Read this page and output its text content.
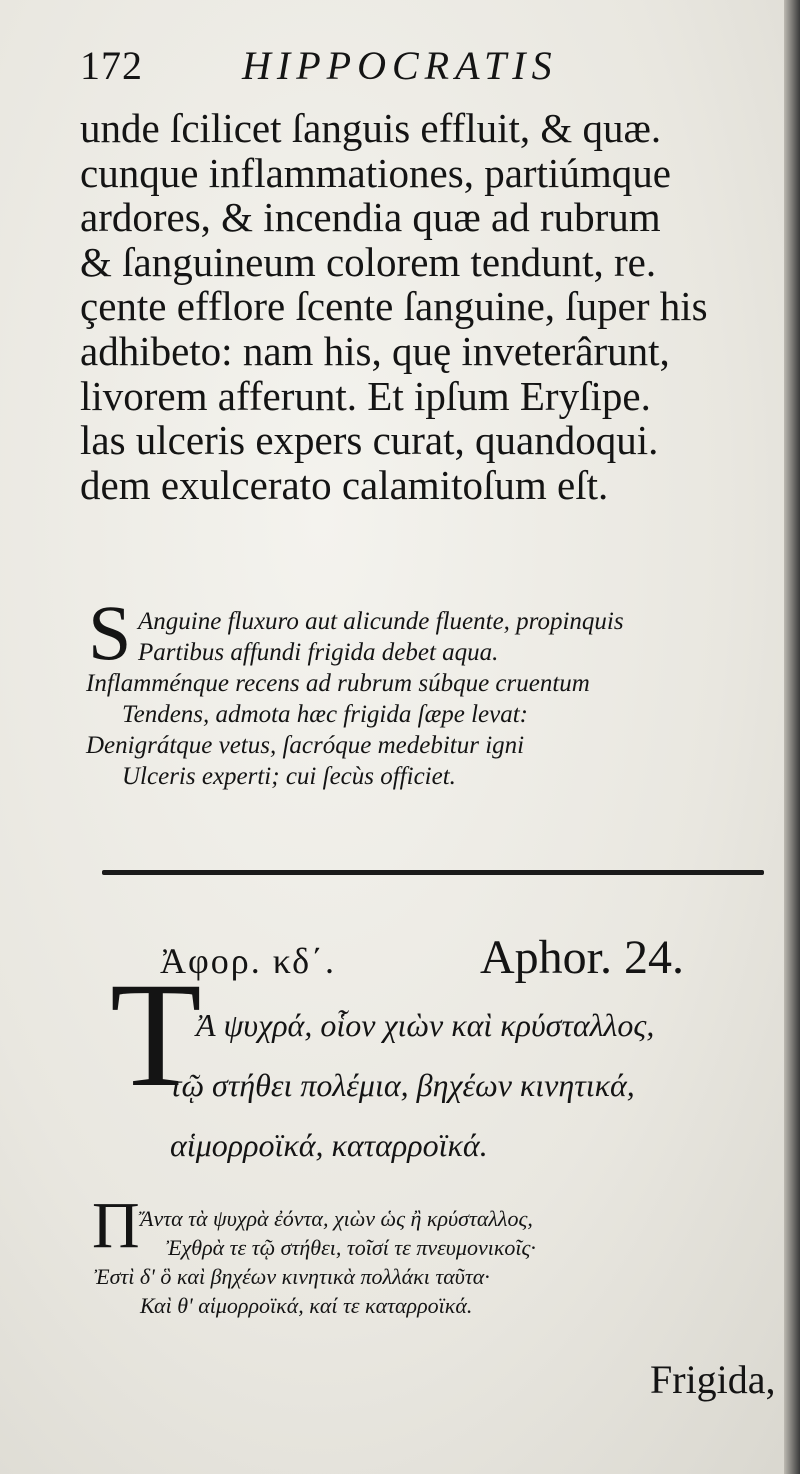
172 HIPPOCRATIS
unde ſcilicet ſanguis effluit, & quæ.
cunque inflammationes, partiúmque
ardores, & incendia quæ ad rubrum
& ſanguineum colorem tendunt, re.
çente efflore ſcente ſanguine, ſuper his
adhibeto: nam his, quę inveterârunt,
livorem afferunt. Et ipſum Eryſipe.
las ulceris expers curat, quandoqui.
dem exulcerato calamitoſum eſt.
S Anguine fluxuro aut alicunde fluente, propinquis
Partibus affundi frigida debet aqua.
Inflamménque recens ad rubrum súbque cruentum
Tendens, admota hæc frigida ſæpe levat:
Denigrátque vetus, ſacróque medebitur igni
Ulceris experti; cui ſecùs officiet.
Ἀφορ. κδ΄.	Aphor. 24.
T
Ἀ ψυχρά, οἷον χιὼν καὶ κρύσταλλος,
τῷ στήθει πολέμια, βηχέων κινητικά,
αἱμορροϊκά, καταρροϊκά.
Π Ἄντα τὰ ψυχρὰ ἐόντα, χιὼν ὡς ἢ κρύσταλλος,
Ἐχθρὰ τε τῷ στήθει, τοῖσί τε πνευμονικοῖς·
Ἐστὶ δ' ὃ καὶ βηχέων κινητικὰ πολλάκι ταῦτα·
Καὶ θ' αἱμορροϊκά, καί τε καταρροϊκά.
Frigida,
